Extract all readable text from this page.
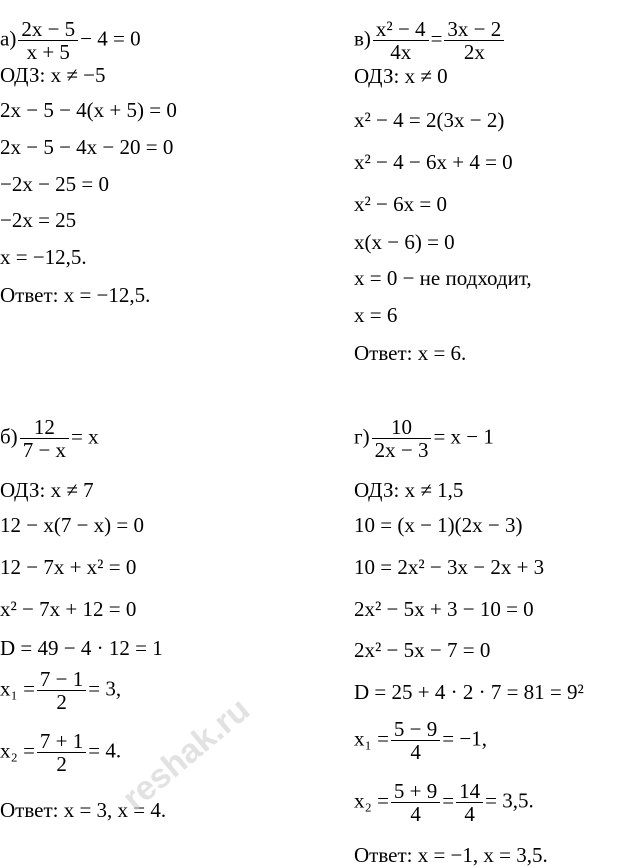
$а) \frac{2x - 5}{x + 5} - 4 = 0$
ОДЗ: x ≠ −5
2x − 5 − 4(x + 5) = 0
2x − 5 − 4x − 20 = 0
−2x − 25 = 0
−2x = 25
x = −12,5.
Ответ: x = −12,5.
$в) \frac{\text{x² − 4}}{4x} = \frac{3x - 2}{2x}$
ОДЗ: x ≠ 0
x² − 4 = 2(3x − 2)
x² − 4 − 6x + 4 = 0
x² − 6x = 0
x(x − 6) = 0
x = 0 − не подходит,
x = 6
Ответ: x = 6.
$б) \frac{12}{7 - x} = x$
ОДЗ: x ≠ 7
12 − x(7 − x) = 0
12 − 7x + x² = 0
x² − 7x + 12 = 0
D = 49 − 4 · 12 = 1
$x_1 = \frac{7 - 1}{2} = 3$,
$x_2 = \frac{7 + 1}{2} = 4$.
Ответ: x = 3, x = 4.
$г) \frac{10}{2x - 3} = x - 1$
ОДЗ: x ≠ 1,5
10 = (x − 1)(2x − 3)
10 = 2x² − 3x − 2x + 3
2x² − 5x + 3 − 10 = 0
2x² − 5x − 7 = 0
D = 25 + 4 · 2 · 7 = 81 = 9²
$x_1 = \frac{5 - 9}{4} = -1$,
$x_2 = \frac{5 + 9}{4} = \frac{14}{4} = 3,5$.
Ответ: x = −1, x = 3,5.
reshak.ru
